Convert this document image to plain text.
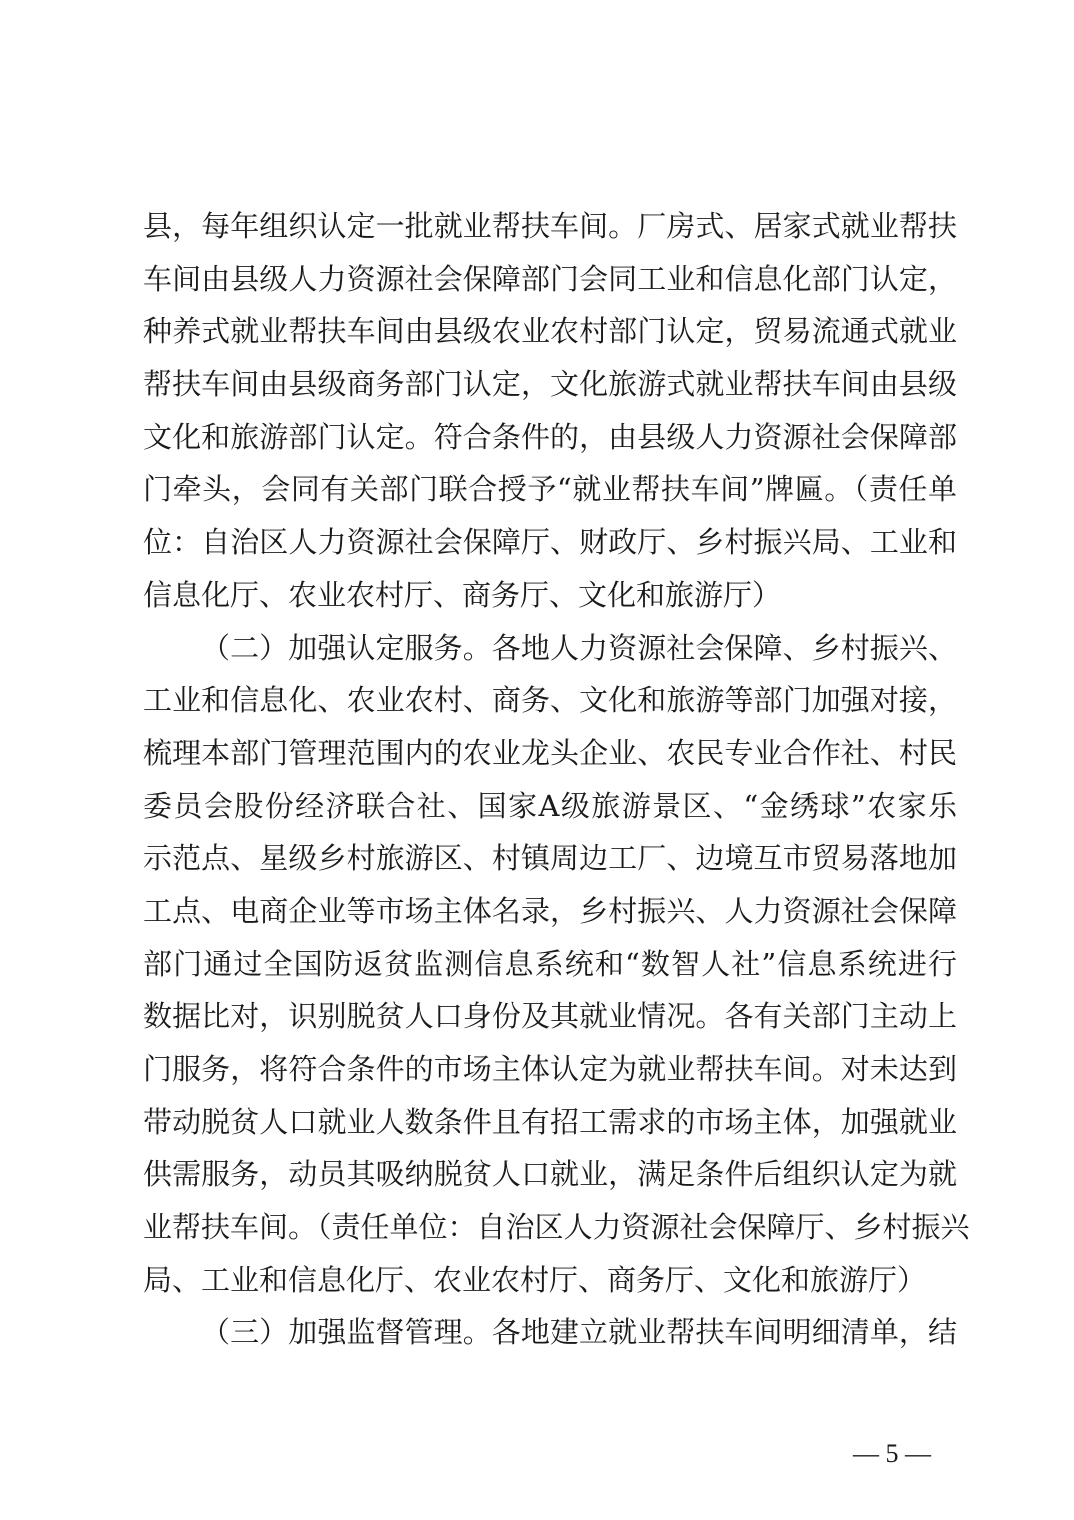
县，每年组织认定一批就业帮扶车间。厂房式、居家式就业帮扶
车间由县级人力资源社会保障部门会同工业和信息化部门认定，
种养式就业帮扶车间由县级农业农村部门认定，贸易流通式就业
帮扶车间由县级商务部门认定，文化旅游式就业帮扶车间由县级
文化和旅游部门认定。符合条件的，由县级人力资源社会保障部
门牵头，会同有关部门联合授予“就业帮扶车间”牌匾。（责任单
位：自治区人力资源社会保障厅、财政厅、乡村振兴局、工业和
信息化厅、农业农村厅、商务厅、文化和旅游厅）
（二）加强认定服务。各地人力资源社会保障、乡村振兴、
工业和信息化、农业农村、商务、文化和旅游等部门加强对接，
梳理本部门管理范围内的农业龙头企业、农民专业合作社、村民
委员会股份经济联合社、国家A级旅游景区、“金绣球”农家乐
示范点、星级乡村旅游区、村镇周边工厂、边境互市贸易落地加
工点、电商企业等市场主体名录，乡村振兴、人力资源社会保障
部门通过全国防返贫监测信息系统和“数智人社”信息系统进行
数据比对，识别脱贫人口身份及其就业情况。各有关部门主动上
门服务，将符合条件的市场主体认定为就业帮扶车间。对未达到
带动脱贫人口就业人数条件且有招工需求的市场主体，加强就业
供需服务，动员其吸纳脱贫人口就业，满足条件后组织认定为就
业帮扶车间。（责任单位：自治区人力资源社会保障厅、乡村振兴
局、工业和信息化厅、农业农村厅、商务厅、文化和旅游厅）
（三）加强监督管理。各地建立就业帮扶车间明细清单，结
— 5 —
